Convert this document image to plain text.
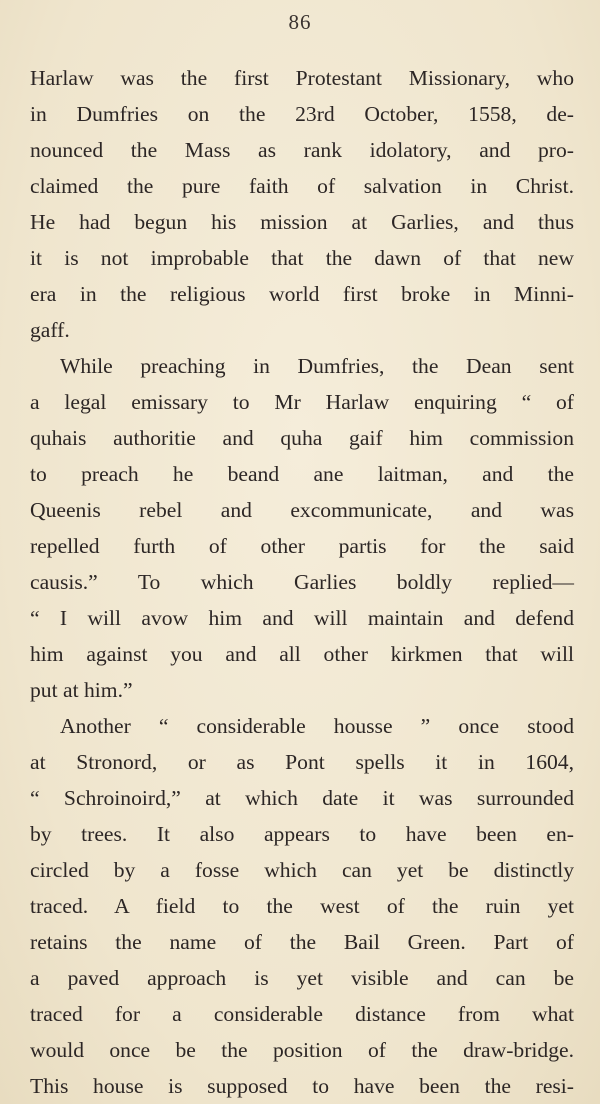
86
Harlaw was the first Protestant Missionary, who
in Dumfries on the 23rd October, 1558, de-
nounced the Mass as rank idolatory, and pro-
claimed the pure faith of salvation in Christ.
He had begun his mission at Garlies, and thus
it is not improbable that the dawn of that new
era in the religious world first broke in Minni-
gaff.
While preaching in Dumfries, the Dean sent
a legal emissary to Mr Harlaw enquiring “ of
quhais authoritie and quha gaif him commission
to preach he beand ane laitman, and the
Queenis rebel and excommunicate, and was
repelled furth of other partis for the said
causis.” To which Garlies boldly replied—
“ I will avow him and will maintain and defend
him against you and all other kirkmen that will
put at him.”
Another “ considerable housse ” once stood
at Stronord, or as Pont spells it in 1604,
“ Schroinoird,” at which date it was surrounded
by trees. It also appears to have been en-
circled by a fosse which can yet be distinctly
traced. A field to the west of the ruin yet
retains the name of the Bail Green. Part of
a paved approach is yet visible and can be
traced for a considerable distance from what
would once be the position of the draw-bridge.
This house is supposed to have been the resi-
